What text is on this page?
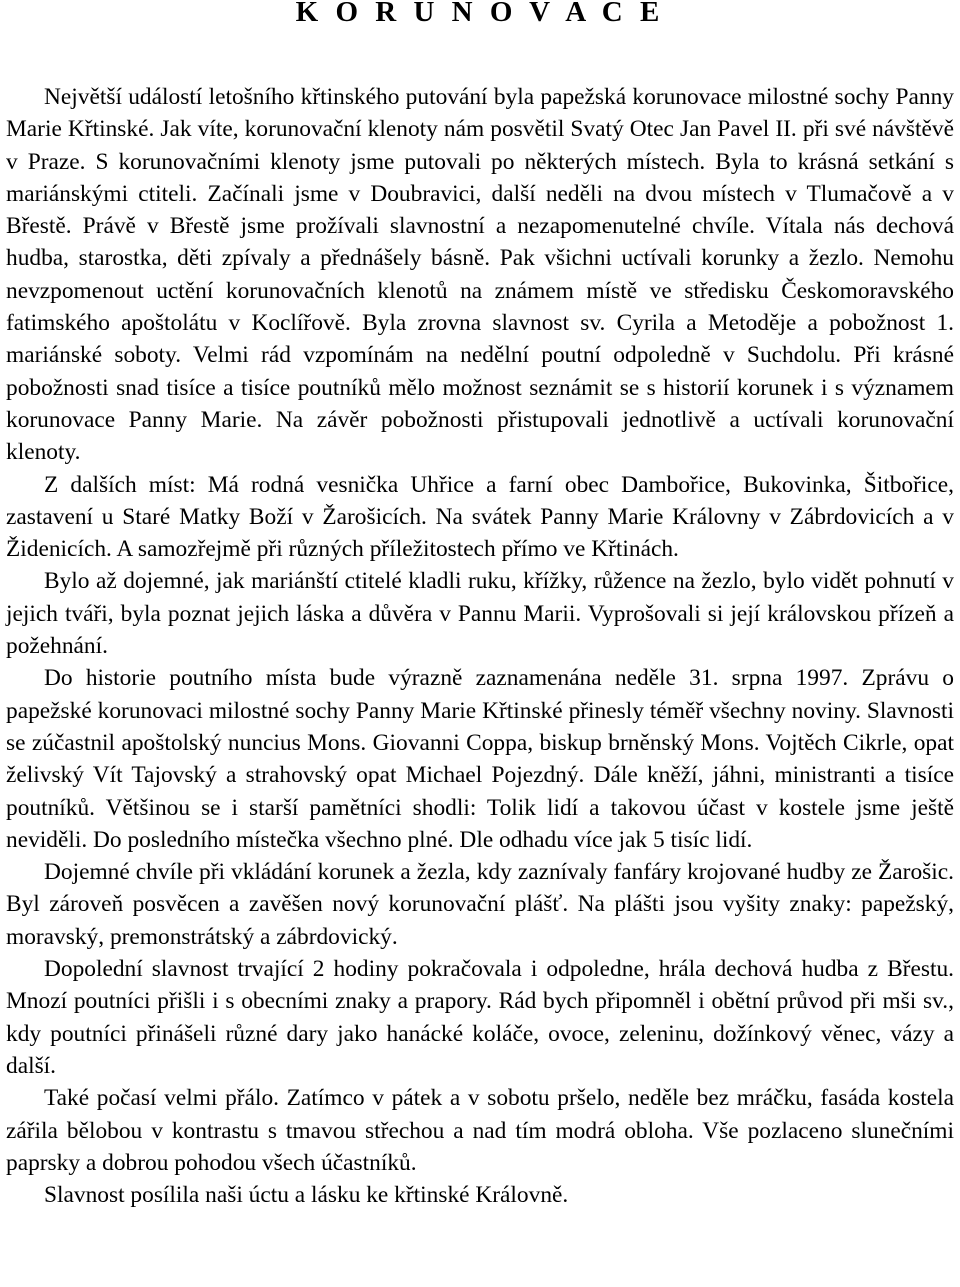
K O R U N O V A C E

Největší událostí letošního křtinského putování byla papežská korunovace milostné sochy Panny Marie Křtinské. Jak víte, korunovační klenoty nám posvětil Svatý Otec Jan Pavel II. při své návštěvě v Praze. S korunovačními klenoty jsme putovali po některých místech. Byla to krásná setkání s mariánskými ctiteli. Začínali jsme v Doubravici, další neděli na dvou místech v Tlumačově a v Břestě. Právě v Břestě jsme prožívali slavnostní a nezapomenutelné chvíle. Vítala nás dechová hudba, starostka, děti zpívaly a přednášely básně. Pak všichni uctívali korunky a žezlo. Nemohu nevzpomenout uctění korunovačních klenotů na známem místě ve středisku Českomoravského fatimského apoštolátu v Koclířově. Byla zrovna slavnost sv. Cyrila a Metoděje a pobožnost 1. mariánské soboty. Velmi rád vzpomínám na nedělní poutní odpoledně v Suchdolu. Při krásné pobožnosti snad tisíce a tisíce poutníků mělo možnost seznámit se s historií korunek i s významem korunovace Panny Marie. Na závěr pobožnosti přistupovali jednotlivě a uctívali korunovační klenoty.

Z dalších míst: Má rodná vesnička Uhřice a farní obec Dambořice, Bukovinka, Šitbořice, zastavení u Staré Matky Boží v Žarošicích. Na svátek Panny Marie Královny v Zábrdovicích a v Židenicích. A samozřejmě při různých příležitostech přímo ve Křtinách.

Bylo až dojemné, jak mariánští ctitelé kladli ruku, křížky, růžence na žezlo, bylo vidět pohnutí v jejich tváři, byla poznat jejich láska a důvěra v Pannu Marii. Vyprošovali si její královskou přízeň a požehnání.

Do historie poutního místa bude výrazně zaznamenána neděle 31. srpna 1997. Zprávu o papežské korunovaci milostné sochy Panny Marie Křtinské přinesly téměř všechny noviny. Slavnosti se zúčastnil apoštolský nuncius Mons. Giovanni Coppa, biskup brněnský Mons. Vojtěch Cikrle, opat želivský Vít Tajovský a strahovský opat Michael Pojezdný. Dále kněží, jáhni, ministranti a tisíce poutníků. Většinou se i starší pamětníci shodli: Tolik lidí a takovou účast v kostele jsme ještě neviděli. Do posledního místečka všechno plné. Dle odhadu více jak 5 tisíc lidí.

Dojemné chvíle při vkládání korunek a žezla, kdy zaznívaly fanfáry krojované hudby ze Žarošic. Byl zároveň posvěcen a zavěšen nový korunovační plášť. Na plášti jsou vyšity znaky: papežský, moravský, premonstrátský a zábrdovický.

Dopolední slavnost trvající 2 hodiny pokračovala i odpoledne, hrála dechová hudba z Břestu. Mnozí poutníci přišli i s obecními znaky a prapory. Rád bych připomněl i obětní průvod při mši sv., kdy poutníci přinášeli různé dary jako hanácké koláče, ovoce, zeleninu, dožínkový věnec, vázy a další.

Také počasí velmi přálo. Zatímco v pátek a v sobotu pršelo, neděle bez mráčku, fasáda kostela zářila bělobou v kontrastu s tmavou střechou a nad tím modrá obloha. Vše pozlaceno slunečními paprsky a dobrou pohodou všech účastníků.

Slavnost posílila naši úctu a lásku ke křtinské Královně.
